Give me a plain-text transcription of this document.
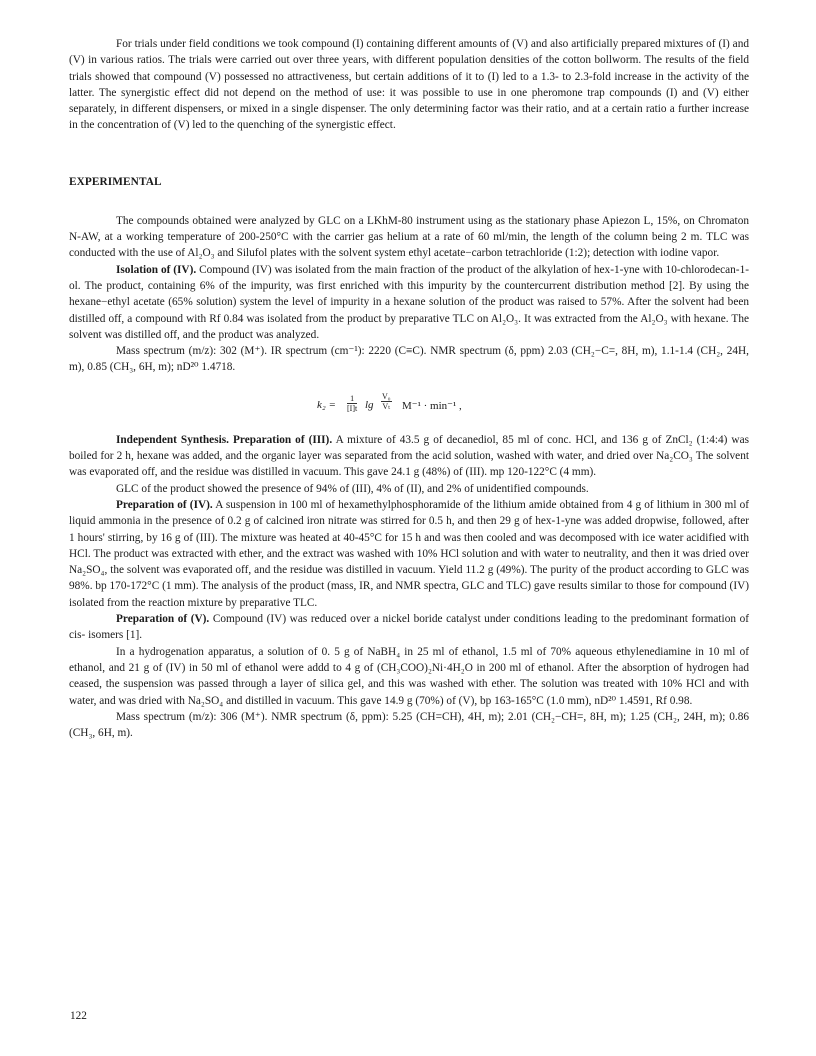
For trials under field conditions we took compound (I) containing different amounts of (V) and also artificially prepared mixtures of (I) and (V) in various ratios. The trials were carried out over three years, with different population densities of the cotton bollworm. The results of the field trials showed that compound (V) possessed no attractiveness, but certain additions of it to (I) led to a 1.3- to 2.3-fold increase in the activity of the latter. The synergistic effect did not depend on the method of use: it was possible to use in one pheromone trap compounds (I) and (V) either separately, in different dispensers, or mixed in a single dispenser. The only determining factor was their ratio, and at a certain ratio a further increase in the concentration of (V) led to the quenching of the synergistic effect.

EXPERIMENTAL

The compounds obtained were analyzed by GLC on a LKhM-80 instrument using as the stationary phase Apiezon L, 15%, on Chromaton N-AW, at a working temperature of 200-250°C with the carrier gas helium at a rate of 60 ml/min, the length of the column being 2 m. TLC was conducted with the use of Al₂O₃ and Silufol plates with the solvent system ethyl acetate−carbon tetrachloride (1:2); detection with iodine vapor.

Isolation of (IV). Compound (IV) was isolated from the main fraction of the product of the alkylation of hex-1-yne with 10-chlorodecan-1-ol. The product, containing 6% of the impurity, was first enriched with this impurity by the countercurrent distribution method [2]. By using the hexane−ethyl acetate (65% solution) system the level of impurity in a hexane solution of the product was raised to 57%. After the solvent had been distilled off, a compound with Rf 0.84 was isolated from the product by preparative TLC on Al₂O₃. It was extracted from the Al₂O₃ with hexane. The solvent was distilled off, and the product was analyzed.

Mass spectrum (m/z): 302 (M⁺). IR spectrum (cm⁻¹): 2220 (C≡C). NMR spectrum (δ, ppm) 2.03 (CH₂−C=, 8H, m), 1.1-1.4 (CH₂, 24H, m), 0.85 (CH₃, 6H, m); nD²⁰ 1.4718.

$k_2 = \frac{1}{[I]t}$ $\lg \frac{\text{V₀}}{\text{Vₜ}} M^{-1} \cdot \min^{-1}$ ,

Independent Synthesis. Preparation of (III). A mixture of 43.5 g of decanediol, 85 ml of conc. HCl, and 136 g of ZnCl₂ (1:4:4) was boiled for 2 h, hexane was added, and the organic layer was separated from the acid solution, washed with water, and dried over Na₂CO₃ The solvent was evaporated off, and the residue was distilled in vacuum. This gave 24.1 g (48%) of (III). mp 120-122°C (4 mm).

GLC of the product showed the presence of 94% of (III), 4% of (II), and 2% of unidentified compounds.

Preparation of (IV). A suspension in 100 ml of hexamethylphosphoramide of the lithium amide obtained from 4 g of lithium in 300 ml of liquid ammonia in the presence of 0.2 g of calcined iron nitrate was stirred for 0.5 h, and then 29 g of hex-1-yne was added dropwise, followed, after 1 hours' stirring, by 16 g of (III). The mixture was heated at 40-45°C for 15 h and was then cooled and was decomposed with ice water acidified with HCl. The product was extracted with ether, and the extract was washed with 10% HCl solution and with water to neutrality, and then it was dried over Na₂SO₄, the solvent was evaporated off, and the residue was distilled in vacuum. Yield 11.2 g (49%). The purity of the product according to GLC was 98%. bp 170-172°C (1 mm). The analysis of the product (mass, IR, and NMR spectra, GLC and TLC) gave results similar to those for compound (IV) isolated from the reaction mixture by preparative TLC.

Preparation of (V). Compound (IV) was reduced over a nickel boride catalyst under conditions leading to the predominant formation of cis- isomers [1].

In a hydrogenation apparatus, a solution of 0. 5 g of NaBH₄ in 25 ml of ethanol, 1.5 ml of 70% aqueous ethylenediamine in 10 ml of ethanol, and 21 g of (IV) in 50 ml of ethanol were addd to 4 g of (CH₃COO)₂Ni·4H₂O in 200 ml of ethanol. After the absorption of hydrogen had ceased, the suspension was passed through a layer of silica gel, and this was washed with ether. The solution was treated with 10% HCl and with water, and was dried with Na₂SO₄ and distilled in vacuum. This gave 14.9 g (70%) of (V), bp 163-165°C (1.0 mm), nD²⁰ 1.4591, Rf 0.98.

Mass spectrum (m/z): 306 (M⁺). NMR spectrum (δ, ppm): 5.25 (CH=CH), 4H, m); 2.01 (CH₂−CH=, 8H, m); 1.25 (CH₂, 24H, m); 0.86 (CH₃, 6H, m).

122
